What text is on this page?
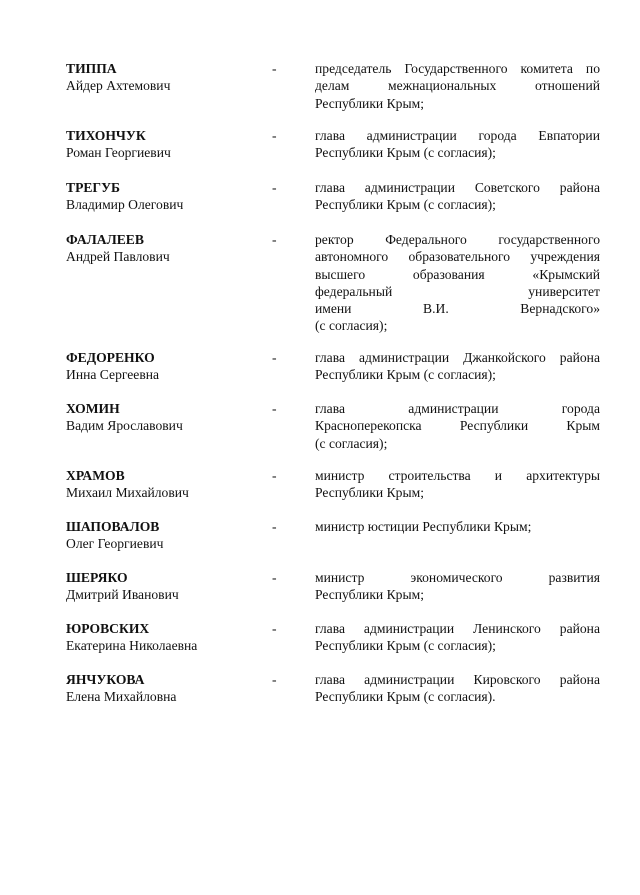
ТИППА
Айдер Ахтемович
-	председатель Государственного комитета по
делам межнациональных отношений
Республики Крым;
ТИХОНЧУК
Роман Георгиевич
-	глава администрации города Евпатории
Республики Крым (с согласия);
ТРЕГУБ
Владимир Олегович
-	глава администрации Советского района
Республики Крым (с согласия);
ФАЛАЛЕЕВ
Андрей Павлович
-	ректор Федерального государственного
автономного образовательного учреждения
высшего образования «Крымский
федеральный университет
имени В.И. Вернадского»
(с согласия);
ФЕДОРЕНКО
Инна Сергеевна
-	глава администрации Джанкойского района
Республики Крым (с согласия);
ХОМИН
Вадим Ярославович
-	глава администрации города
Красноперекопска Республики Крым
(с согласия);
ХРАМОВ
Михаил Михайлович
-	министр строительства и архитектуры
Республики Крым;
ШАПОВАЛОВ
Олег Георгиевич
-	министр юстиции Республики Крым;
ШЕРЯКО
Дмитрий Иванович
-	министр экономического развития
Республики Крым;
ЮРОВСКИХ
Екатерина Николаевна
-	глава администрации Ленинского района
Республики Крым (с согласия);
ЯНЧУКОВА
Елена Михайловна
-	глава администрации Кировского района
Республики Крым (с согласия).
